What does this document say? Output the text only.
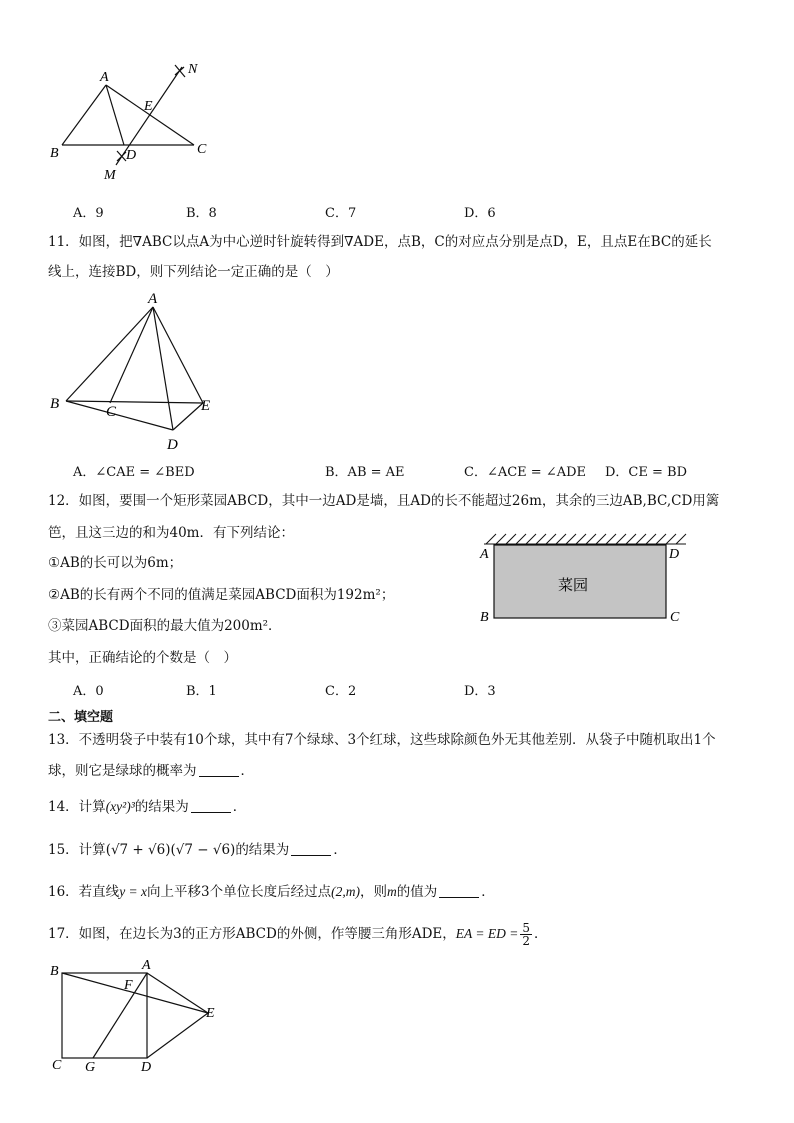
A
B	C
D
E
M
N
A．9	B．8	C．7	D．6
11．如图，把∇ABC以点A为中心逆时针旋转得到∇ADE，点B，C的对应点分别是点D，E，且点E在BC的延长
线上，连接BD，则下列结论一定正确的是（　）
A
B	C
D
E
A．∠CAE = ∠BED	B．AB = AE	C．∠ACE = ∠ADE D．CE = BD
12．如图，要围一个矩形菜园ABCD，其中一边AD是墙，且AD的长不能超过26m，其余的三边AB,BC,CD用篱
笆，且这三边的和为40m．有下列结论：
①AB的长可以为6m；
②AB的长有两个不同的值满足菜园ABCD面积为192m²；
③菜园ABCD面积的最大值为200m²．
其中，正确结论的个数是（　）
菜园
A	D
B	C
A．0	B．1	C．2	D．3
二、填空题
13．不透明袋子中装有10个球，其中有7个绿球、3个红球，这些球除颜色外无其他差别．从袋子中随机取出1个
球，则它是绿球的概率为	．
14．计算(xy²)³的结果为	．
15．计算(√7 + √6)(√7 − √6)的结果为	．
16．若直线y = x向上平移3个单位长度后经过点(2,m)，则m的值为	．
17．如图，在边长为3的正方形ABCD的外侧，作等腰三角形ADE，EA = ED = $\frac{5}{2}$ ．
B	A
F
E
C G	D
